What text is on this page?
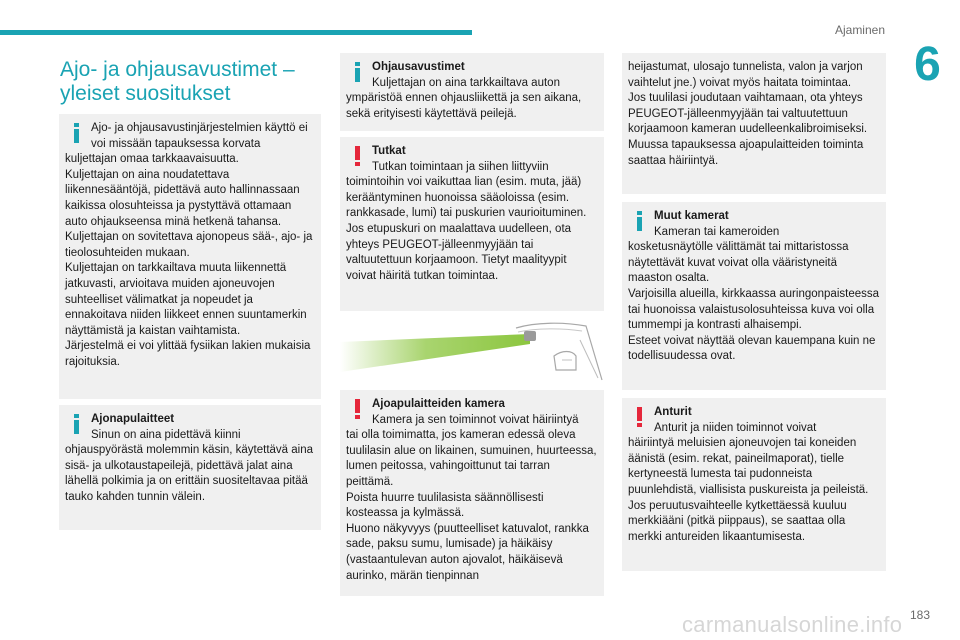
Ajaminen
6
Ajo- ja ohjausavustimet – yleiset suositukset
Ajo- ja ohjausavustinjärjestelmien käyttö ei voi missään tapauksessa korvata
kuljettajan omaa tarkkaavaisuutta.
Kuljettajan on aina noudatettava liikennesääntöjä, pidettävä auto hallinnassaan kaikissa olosuhteissa ja pystyttävä ottamaan auto ohjaukseensa minä hetkenä tahansa.
Kuljettajan on sovitettava ajonopeus sää-, ajo- ja tieolosuhteiden mukaan.
Kuljettajan on tarkkailtava muuta liikennettä jatkuvasti, arvioitava muiden ajoneuvojen suhteelliset välimatkat ja nopeudet ja ennakoitava niiden liikkeet ennen suuntamerkin näyttämistä ja kaistan vaihtamista.
Järjestelmä ei voi ylittää fysiikan lakien mukaisia rajoituksia.
Ajonapulaitteet
Sinun on aina pidettävä kiinni
ohjauspyörästä molemmin käsin, käytettävä aina sisä- ja ulkotaustapeilejä, pidettävä jalat aina lähellä polkimia ja on erittäin suositeltavaa pitää tauko kahden tunnin välein.
Ohjausavustimet
Kuljettajan on aina tarkkailtava auton
ympäristöä ennen ohjausliikettä ja sen aikana, sekä erityisesti käytettävä peilejä.
Tutkat
Tutkan toimintaan ja siihen liittyviin
toimintoihin voi vaikuttaa lian (esim. muta, jää) kerääntyminen huonoissa sääoloissa (esim. rankkasade, lumi) tai puskurien vaurioituminen.
Jos etupuskuri on maalattava uudelleen, ota yhteys PEUGEOT-jälleenmyyjään tai valtuutettuun korjaamoon. Tietyt maalityypit voivat häiritä tutkan toimintaa.
Ajoapulaitteiden kamera
Kamera ja sen toiminnot voivat häiriintyä
tai olla toimimatta, jos kameran edessä oleva tuulilasin alue on likainen, sumuinen, huurteessa, lumen peitossa, vahingoittunut tai tarran peittämä.
Poista huurre tuulilasista säännöllisesti kosteassa ja kylmässä.
Huono näkyvyys (puutteelliset katuvalot, rankka sade, paksu sumu, lumisade) ja häikäisy (vastaantulevan auton ajovalot, häikäisevä aurinko, märän tienpinnan
heijastumat, ulosajo tunnelista, valon ja varjon vaihtelut jne.) voivat myös haitata toimintaa.
Jos tuulilasi joudutaan vaihtamaan, ota yhteys PEUGEOT-jälleenmyyjään tai valtuutettuun korjaamoon kameran uudelleenkalibroimiseksi. Muussa tapauksessa ajoapulaitteiden toiminta saattaa häiriintyä.
Muut kamerat
Kameran tai kameroiden
kosketusnäytölle välittämät tai mittaristossa näytettävät kuvat voivat olla vääristyneitä maaston osalta.
Varjoisilla alueilla, kirkkaassa auringonpaisteessa tai huonoissa valaistusolosuhteissa kuva voi olla tummempi ja kontrasti alhaisempi.
Esteet voivat näyttää olevan kauempana kuin ne todellisuudessa ovat.
Anturit
Anturit ja niiden toiminnot voivat
häiriintyä meluisien ajoneuvojen tai koneiden äänistä (esim. rekat, paineilmaporat), tielle kertyneestä lumesta tai pudonneista puunlehdistä, viallisista puskureista ja peileistä.
Jos peruutusvaihteelle kytkettäessä kuuluu merkkiääni (pitkä piippaus), se saattaa olla merkki antureiden likaantumisesta.
carmanualsonline.info 183
